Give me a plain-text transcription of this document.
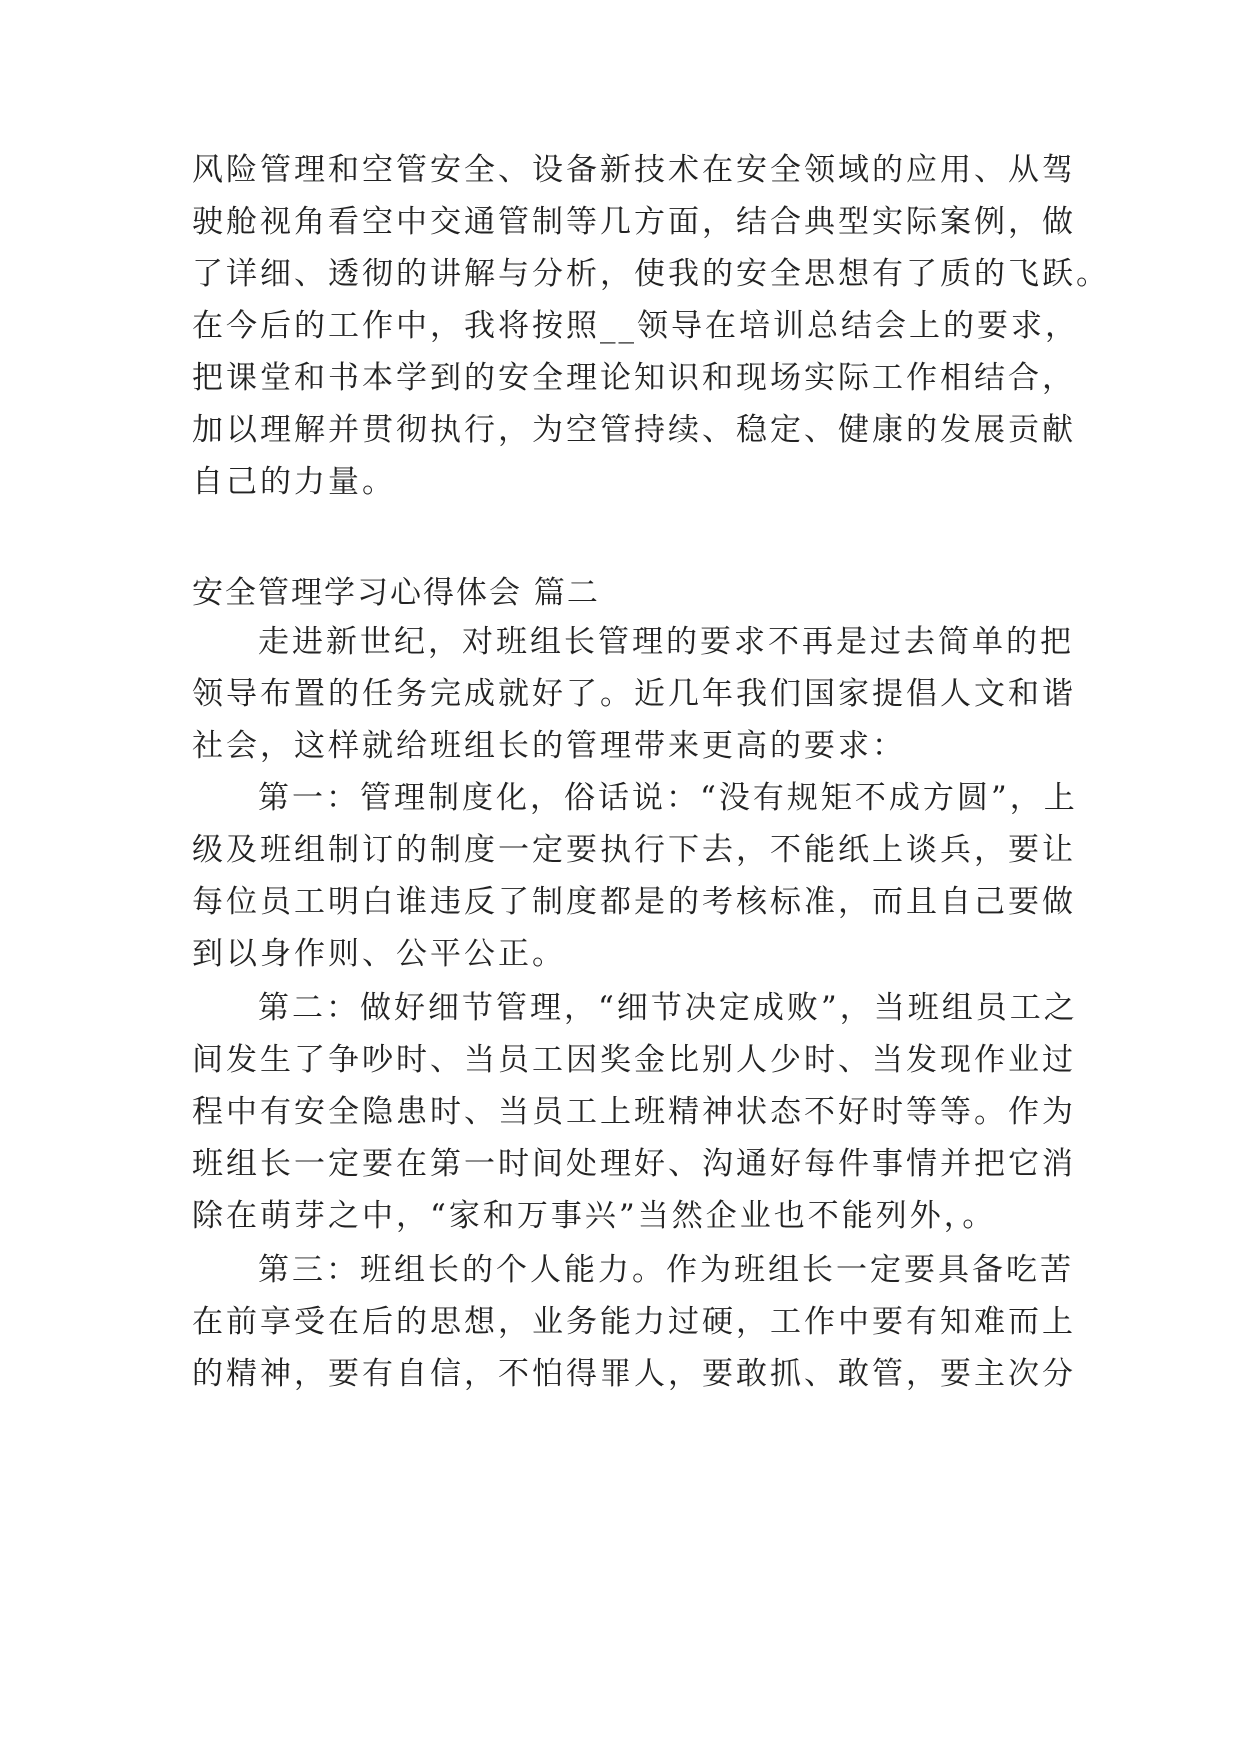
风险管理和空管安全、设备新技术在安全领域的应用、从驾
驶舱视角看空中交通管制等几方面，结合典型实际案例，做
了详细、透彻的讲解与分析，使我的安全思想有了质的飞跃。
在今后的工作中，我将按照__领导在培训总结会上的要求，
把课堂和书本学到的安全理论知识和现场实际工作相结合，
加以理解并贯彻执行，为空管持续、稳定、健康的发展贡献
自己的力量。
安全管理学习心得体会 篇二
走进新世纪，对班组长管理的要求不再是过去简单的把
领导布置的任务完成就好了。近几年我们国家提倡人文和谐
社会，这样就给班组长的管理带来更高的要求：
第一：管理制度化，俗话说：“没有规矩不成方圆”，上
级及班组制订的制度一定要执行下去，不能纸上谈兵，要让
每位员工明白谁违反了制度都是的考核标准，而且自己要做
到以身作则、公平公正。
第二：做好细节管理，“细节决定成败”，当班组员工之
间发生了争吵时、当员工因奖金比别人少时、当发现作业过
程中有安全隐患时、当员工上班精神状态不好时等等。作为
班组长一定要在第一时间处理好、沟通好每件事情并把它消
除在萌芽之中，“家和万事兴”当然企业也不能列外，。
第三：班组长的个人能力。作为班组长一定要具备吃苦
在前享受在后的思想，业务能力过硬，工作中要有知难而上
的精神，要有自信，不怕得罪人，要敢抓、敢管，要主次分
